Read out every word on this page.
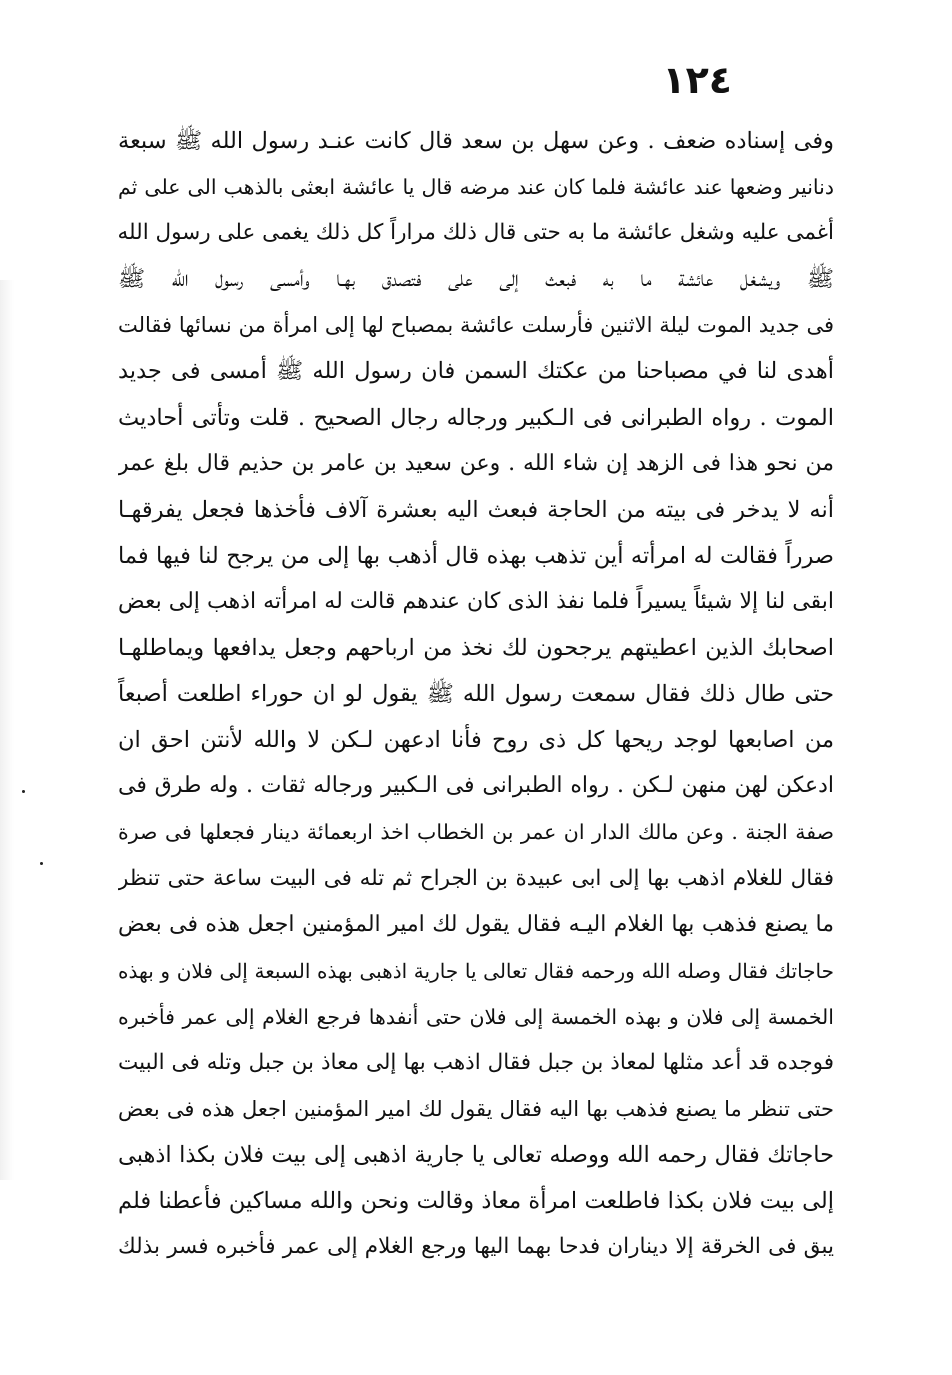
١٢٤
وفى إسناده ضعف . وعن سهل بن سعد قال كانت عنـد رسول الله ﷺ سبعة
دنانير وضعها عند عائشة فلما كان عند مرضه قال يا عائشة ابعثى بالذهب الى على ثم
أغمى عليه وشغل عائشة ما به حتى قال ذلك مراراً كل ذلك يغمى على رسول الله
ﷺ ويشغل عائشة ما به فبعث إلى على فتصدق بهـا وأمسى رسول الله ﷺ
فى جديد الموت ليلة الاثنين فأرسلت عائشة بمصباح لها إلى امرأة من نسائها فقالت
أهدى لنا في مصباحنا من عكتك السمن فان رسول الله ﷺ أمسى فى جديد
الموت . رواه الطبرانى فى الـكبير ورجاله رجال الصحيح . قلت وتأتى أحاديث
من نحو هذا فى الزهد إن شاء الله . وعن سعيد بن عامر بن حذيم قال بلغ عمر
أنه لا يدخر فى بيته من الحاجة فبعث اليه بعشرة آلاف فأخذها فجعل يفرقهـا
صرراً فقالت له امرأته أين تذهب بهذه قال أذهب بها إلى من يرجح لنا فيها فما
ابقى لنا إلا شيئاً يسيراً فلما نفذ الذى كان عندهم قالت له امرأته اذهب إلى بعض
اصحابك الذين اعطيتهم يرجحون لك نخذ من ارباحهم وجعل يدافعها ويماطلهـا
حتى طال ذلك فقال سمعت رسول الله ﷺ يقول لو ان حوراء اطلعت أصبعاً
من اصابعها لوجد ريحها كل ذى روح فأنا ادعهن لـكن لا والله لأنتن احق ان
ادعكن لهن منهن لـكن . رواه الطبرانى فى الـكبير ورجاله ثقات . وله طرق فى
صفة الجنة . وعن مالك الدار ان عمر بن الخطاب اخذ اربعمائة دينار فجعلها فى صرة
فقال للغلام اذهب بها إلى ابى عبيدة بن الجراح ثم تله فى البيت ساعة حتى تنظر
ما يصنع فذهب بها الغلام اليـه فقال يقول لك امير المؤمنين اجعل هذه فى بعض
حاجاتك فقال وصله الله ورحمه فقال تعالى يا جارية اذهبى بهذه السبعة إلى فلان و بهذه
الخمسة إلى فلان و بهذه الخمسة إلى فلان حتى أنفدها فرجع الغلام إلى عمر فأخبره
فوجده قد أعد مثلها لمعاذ بن جبل فقال اذهب بها إلى معاذ بن جبل وتله فى البيت
حتى تنظر ما يصنع فذهب بها اليه فقال يقول لك امير المؤمنين اجعل هذه فى بعض
حاجاتك فقال رحمه الله ووصله تعالى يا جارية اذهبى إلى بيت فلان بكذا اذهبى
إلى بيت فلان بكذا فاطلعت امرأة معاذ وقالت ونحن والله مساكين فأعطنا فلم
يبق فى الخرقة إلا ديناران فدحا بهما اليها ورجع الغلام إلى عمر فأخبره فسر بذلك
